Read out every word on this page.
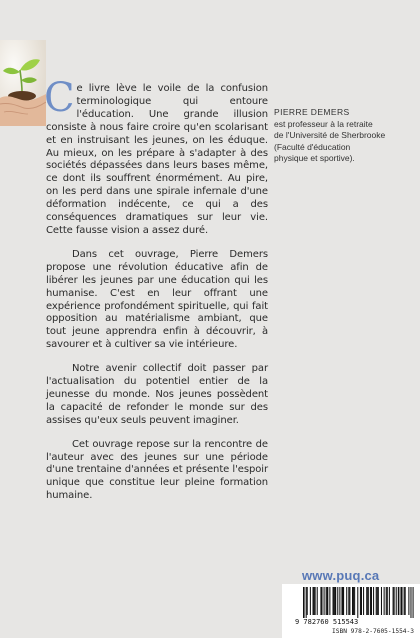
Ce livre lève le voile de la confusion terminologique qui entoure l'éducation. Une grande illusion consiste à nous faire croire qu'en scolarisant et en instruisant les jeunes, on les éduque. Au mieux, on les prépare à s'adapter à des sociétés dépassées dans leurs bases même, ce dont ils souffrent énormément. Au pire, on les perd dans une spirale infernale d'une déformation indécente, ce qui a des conséquences dramatiques sur leur vie. Cette fausse vision a assez duré.

Dans cet ouvrage, Pierre Demers propose une révolution éducative afin de libérer les jeunes par une éducation qui les humanise. C'est en leur offrant une expérience profondément spirituelle, qui fait opposition au matérialisme ambiant, que tout jeune apprendra enfin à découvrir, à savourer et à cultiver sa vie intérieure.

Notre avenir collectif doit passer par l'actualisation du potentiel entier de la jeunesse du monde. Nos jeunes possèdent la capacité de refonder le monde sur des assises qu'eux seuls peuvent imaginer.

Cet ouvrage repose sur la rencontre de l'auteur avec des jeunes sur une période d'une trentaine d'années et présente l'espoir unique que constitue leur pleine formation humaine.

PIERRE DEMERS
est professeur à la retraite
de l'Université de Sherbrooke
(Faculté d'éducation
physique et sportive).
www.puq.ca
9 782760 515543
ISBN 978-2-7605-1554-3
